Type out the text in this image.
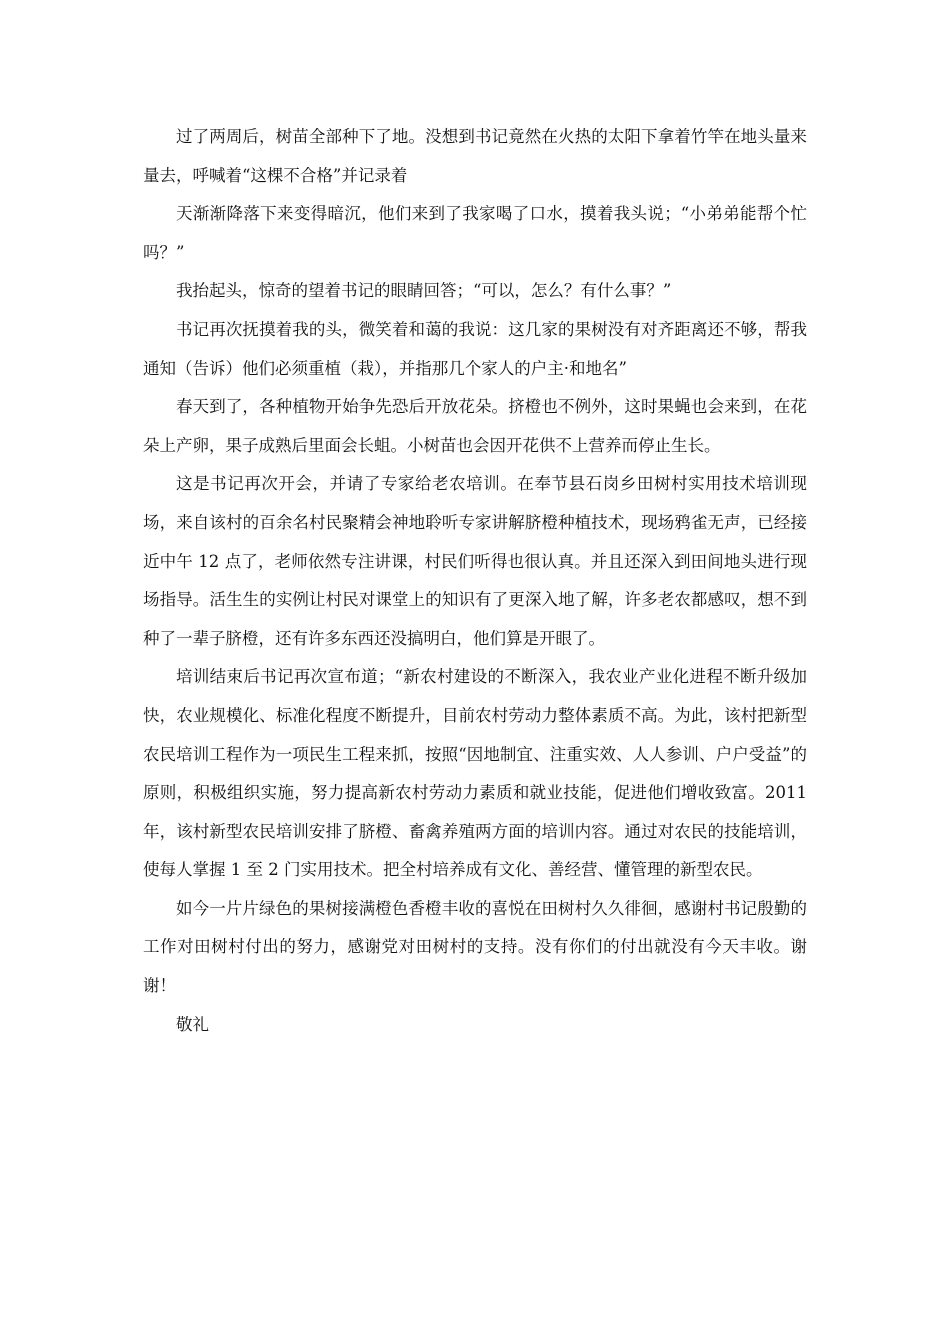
过了两周后，树苗全部种下了地。没想到书记竟然在火热的太阳下拿着竹竿在地头量来量去，呼喊着“这棵不合格”并记录着

天渐渐降落下来变得暗沉，他们来到了我家喝了口水，摸着我头说；“小弟弟能帮个忙吗？”

我抬起头，惊奇的望着书记的眼睛回答；“可以，怎么？有什么事？”

书记再次抚摸着我的头，微笑着和蔼的我说：这几家的果树没有对齐距离还不够，帮我通知（告诉）他们必须重植（栽），并指那几个家人的户主·和地名”

春天到了，各种植物开始争先恐后开放花朵。挤橙也不例外，这时果蝇也会来到，在花朵上产卵，果子成熟后里面会长蛆。小树苗也会因开花供不上营养而停止生长。

这是书记再次开会，并请了专家给老农培训。在奉节县石岗乡田树村实用技术培训现场，来自该村的百余名村民聚精会神地聆听专家讲解脐橙种植技术，现场鸦雀无声，已经接近中午 12 点了，老师依然专注讲课，村民们听得也很认真。并且还深入到田间地头进行现场指导。活生生的实例让村民对课堂上的知识有了更深入地了解，许多老农都感叹，想不到种了一辈子脐橙，还有许多东西还没搞明白，他们算是开眼了。

培训结束后书记再次宣布道；“新农村建设的不断深入，我农业产业化进程不断升级加快，农业规模化、标准化程度不断提升，目前农村劳动力整体素质不高。为此，该村把新型农民培训工程作为一项民生工程来抓，按照“因地制宜、注重实效、人人参训、户户受益”的原则，积极组织实施，努力提高新农村劳动力素质和就业技能，促进他们增收致富。2011 年，该村新型农民培训安排了脐橙、畜禽养殖两方面的培训内容。通过对农民的技能培训，使每人掌握 1 至 2 门实用技术。把全村培养成有文化、善经营、懂管理的新型农民。

如今一片片绿色的果树接满橙色香橙丰收的喜悦在田树村久久徘徊，感谢村书记殷勤的工作对田树村付出的努力，感谢党对田树村的支持。没有你们的付出就没有今天丰收。谢谢！

敬礼
